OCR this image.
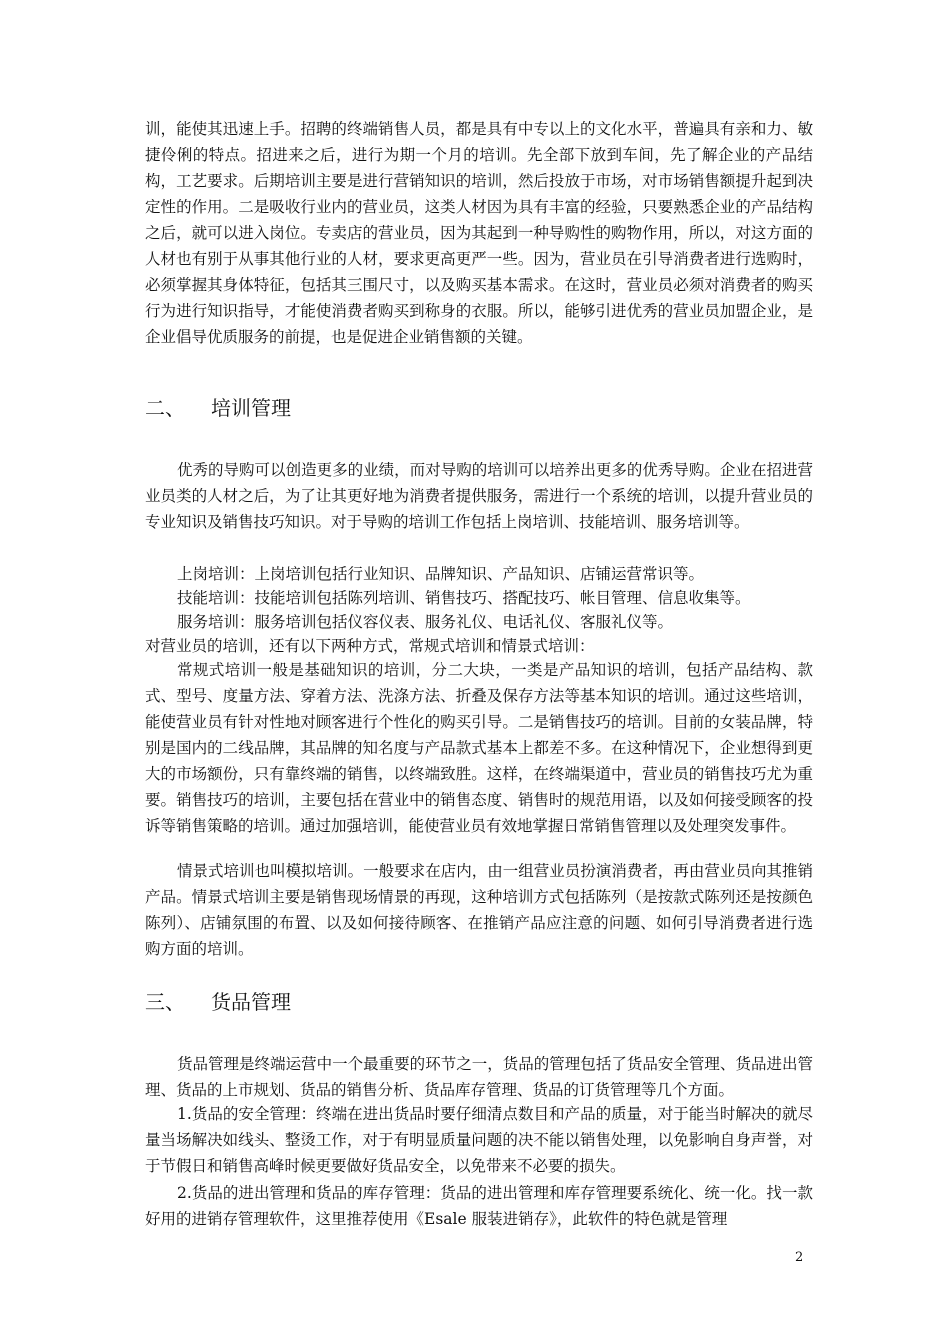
训，能使其迅速上手。招聘的终端销售人员，都是具有中专以上的文化水平，普遍具有亲和力、敏捷伶俐的特点。招进来之后，进行为期一个月的培训。先全部下放到车间，先了解企业的产品结构，工艺要求。后期培训主要是进行营销知识的培训，然后投放于市场，对市场销售额提升起到决定性的作用。二是吸收行业内的营业员，这类人材因为具有丰富的经验，只要熟悉企业的产品结构之后，就可以进入岗位。专卖店的营业员，因为其起到一种导购性的购物作用，所以，对这方面的人材也有别于从事其他行业的人材，要求更高更严一些。因为，营业员在引导消费者进行选购时，必须掌握其身体特征，包括其三围尺寸，以及购买基本需求。在这时，营业员必须对消费者的购买行为进行知识指导，才能使消费者购买到称身的衣服。所以，能够引进优秀的营业员加盟企业，是企业倡导优质服务的前提，也是促进企业销售额的关键。

二、 培训管理

优秀的导购可以创造更多的业绩，而对导购的培训可以培养出更多的优秀导购。企业在招进营业员类的人材之后，为了让其更好地为消费者提供服务，需进行一个系统的培训，以提升营业员的专业知识及销售技巧知识。对于导购的培训工作包括上岗培训、技能培训、服务培训等。

上岗培训：上岗培训包括行业知识、品牌知识、产品知识、店铺运营常识等。

技能培训：技能培训包括陈列培训、销售技巧、搭配技巧、帐目管理、信息收集等。

服务培训：服务培训包括仪容仪表、服务礼仪、电话礼仪、客服礼仪等。

对营业员的培训，还有以下两种方式，常规式培训和情景式培训：

常规式培训一般是基础知识的培训，分二大块，一类是产品知识的培训，包括产品结构、款式、型号、度量方法、穿着方法、洗涤方法、折叠及保存方法等基本知识的培训。通过这些培训，能使营业员有针对性地对顾客进行个性化的购买引导。二是销售技巧的培训。目前的女装品牌，特别是国内的二线品牌，其品牌的知名度与产品款式基本上都差不多。在这种情况下，企业想得到更大的市场额份，只有靠终端的销售，以终端致胜。这样，在终端渠道中，营业员的销售技巧尤为重要。销售技巧的培训，主要包括在营业中的销售态度、销售时的规范用语，以及如何接受顾客的投诉等销售策略的培训。通过加强培训，能使营业员有效地掌握日常销售管理以及处理突发事件。

情景式培训也叫模拟培训。一般要求在店内，由一组营业员扮演消费者，再由营业员向其推销产品。情景式培训主要是销售现场情景的再现，这种培训方式包括陈列（是按款式陈列还是按颜色陈列）、店铺氛围的布置、以及如何接待顾客、在推销产品应注意的问题、如何引导消费者进行选购方面的培训。

三、 货品管理

货品管理是终端运营中一个最重要的环节之一，货品的管理包括了货品安全管理、货品进出管理、货品的上市规划、货品的销售分析、货品库存管理、货品的订货管理等几个方面。

1.货品的安全管理：终端在进出货品时要仔细清点数目和产品的质量，对于能当时解决的就尽量当场解决如线头、整烫工作，对于有明显质量问题的决不能以销售处理，以免影响自身声誉，对于节假日和销售高峰时候更要做好货品安全，以免带来不必要的损失。

2.货品的进出管理和货品的库存管理：货品的进出管理和库存管理要系统化、统一化。找一款好用的进销存管理软件，这里推荐使用《Esale 服装进销存》，此软件的特色就是管理

2
